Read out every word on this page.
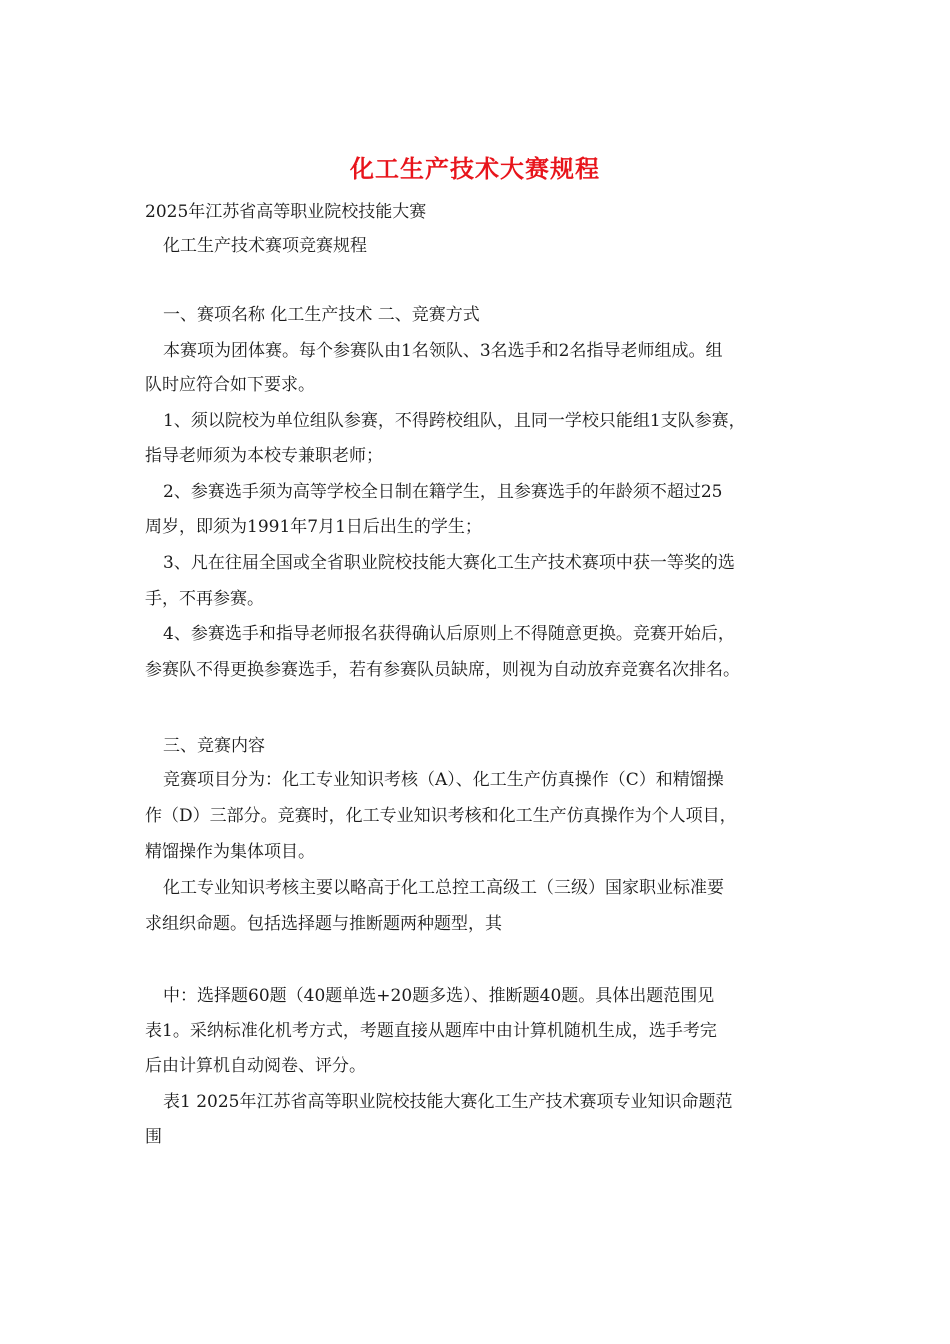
化工生产技术大赛规程
2025年江苏省高等职业院校技能大赛
化工生产技术赛项竞赛规程
一、赛项名称 化工生产技术 二、竞赛方式
本赛项为团体赛。每个参赛队由1名领队、3名选手和2名指导老师组成。组
队时应符合如下要求。
1、须以院校为单位组队参赛，不得跨校组队，且同一学校只能组1支队参赛，
指导老师须为本校专兼职老师；
2、参赛选手须为高等学校全日制在籍学生，且参赛选手的年龄须不超过25
周岁，即须为1991年7月1日后出生的学生；
3、凡在往届全国或全省职业院校技能大赛化工生产技术赛项中获一等奖的选
手，不再参赛。
4、参赛选手和指导老师报名获得确认后原则上不得随意更换。竞赛开始后，
参赛队不得更换参赛选手，若有参赛队员缺席，则视为自动放弃竞赛名次排名。
三、竞赛内容
竞赛项目分为：化工专业知识考核（A）、化工生产仿真操作（C）和精馏操
作（D）三部分。竞赛时，化工专业知识考核和化工生产仿真操作为个人项目，
精馏操作为集体项目。
化工专业知识考核主要以略高于化工总控工高级工（三级）国家职业标准要
求组织命题。包括选择题与推断题两种题型，其
中：选择题60题（40题单选+20题多选）、推断题40题。具体出题范围见
表1。采纳标准化机考方式，考题直接从题库中由计算机随机生成，选手考完
后由计算机自动阅卷、评分。
表1 2025年江苏省高等职业院校技能大赛化工生产技术赛项专业知识命题范
围
